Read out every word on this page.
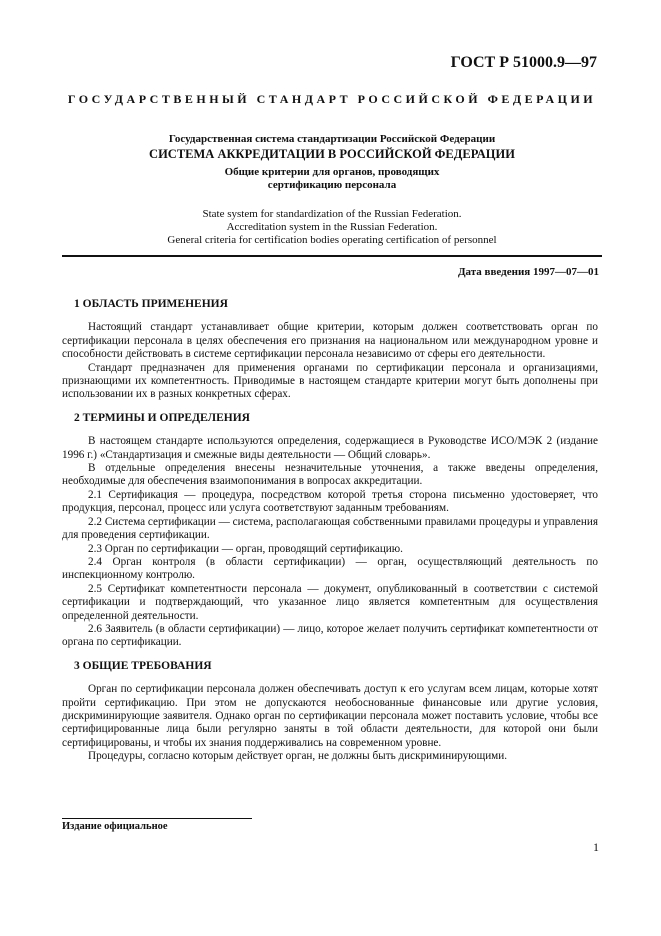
ГОСТ Р 51000.9—97
ГОСУДАРСТВЕННЫЙ СТАНДАРТ РОССИЙСКОЙ ФЕДЕРАЦИИ
Государственная система стандартизации Российской Федерации
СИСТЕМА АККРЕДИТАЦИИ В РОССИЙСКОЙ ФЕДЕРАЦИИ
Общие критерии для органов, проводящих
сертификацию персонала
State system for standardization of the Russian Federation.
Accreditation system in the Russian Federation.
General criteria for certification bodies operating certification of personnel
Дата введения 1997—07—01
1 ОБЛАСТЬ ПРИМЕНЕНИЯ

Настоящий стандарт устанавливает общие критерии, которым должен соответствовать орган по сертификации персонала в целях обеспечения его признания на национальном или международном уровне и способности действовать в системе сертификации персонала независимо от сферы его деятельности.

Стандарт предназначен для применения органами по сертификации персонала и организациями, признающими их компетентность. Приводимые в настоящем стандарте критерии могут быть дополнены при использовании их в разных конкретных сферах.

2 ТЕРМИНЫ И ОПРЕДЕЛЕНИЯ

В настоящем стандарте используются определения, содержащиеся в Руководстве ИСО/МЭК 2 (издание 1996 г.) «Стандартизация и смежные виды деятельности — Общий словарь».

В отдельные определения внесены незначительные уточнения, а также введены определения, необходимые для обеспечения взаимопонимания в вопросах аккредитации.

2.1 Сертификация — процедура, посредством которой третья сторона письменно удостоверяет, что продукция, персонал, процесс или услуга соответствуют заданным требованиям.

2.2 Система сертификации — система, располагающая собственными правилами процедуры и управления для проведения сертификации.

2.3 Орган по сертификации — орган, проводящий сертификацию.

2.4 Орган контроля (в области сертификации) — орган, осуществляющий деятельность по инспекционному контролю.

2.5 Сертификат компетентности персонала — документ, опубликованный в соответствии с системой сертификации и подтверждающий, что указанное лицо является компетентным для осуществления определенной деятельности.

2.6 Заявитель (в области сертификации) — лицо, которое желает получить сертификат компетентности от органа по сертификации.

3 ОБЩИЕ ТРЕБОВАНИЯ

Орган по сертификации персонала должен обеспечивать доступ к его услугам всем лицам, которые хотят пройти сертификацию. При этом не допускаются необоснованные финансовые или другие условия, дискриминирующие заявителя. Однако орган по сертификации персонала может поставить условие, чтобы все сертифицированные лица были регулярно заняты в той области деятельности, для которой они были сертифицированы, и чтобы их знания поддерживались на современном уровне.

Процедуры, согласно которым действует орган, не должны быть дискриминирующими.

Издание официальное
1
